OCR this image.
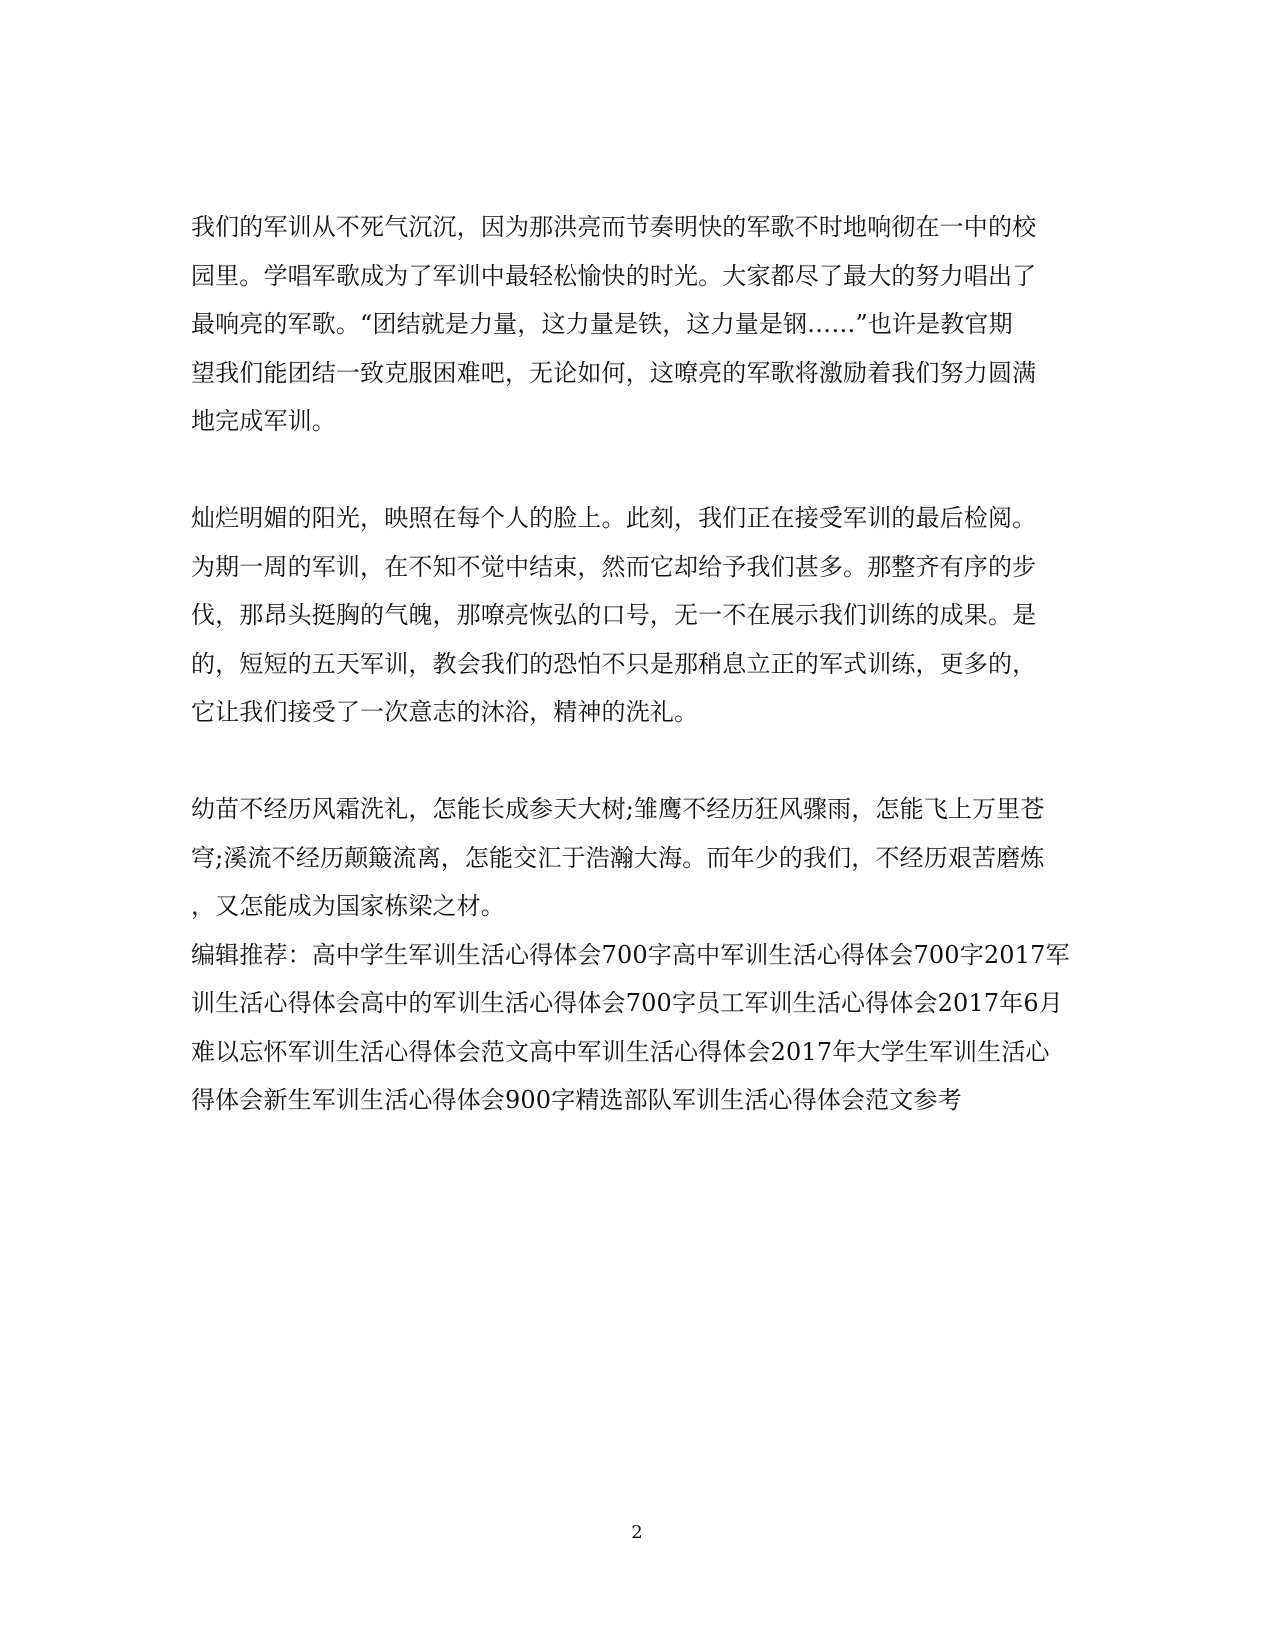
我们的军训从不死气沉沉，因为那洪亮而节奏明快的军歌不时地响彻在一中的校
园里。学唱军歌成为了军训中最轻松愉快的时光。大家都尽了最大的努力唱出了
最响亮的军歌。“团结就是力量，这力量是铁，这力量是钢……”也许是教官期
望我们能团结一致克服困难吧，无论如何，这嘹亮的军歌将激励着我们努力圆满
地完成军训。
灿烂明媚的阳光，映照在每个人的脸上。此刻，我们正在接受军训的最后检阅。
为期一周的军训，在不知不觉中结束，然而它却给予我们甚多。那整齐有序的步
伐，那昂头挺胸的气魄，那嘹亮恢弘的口号，无一不在展示我们训练的成果。是
的，短短的五天军训，教会我们的恐怕不只是那稍息立正的军式训练，更多的，
它让我们接受了一次意志的沐浴，精神的洗礼。
幼苗不经历风霜洗礼，怎能长成参天大树;雏鹰不经历狂风骤雨，怎能飞上万里苍
穹;溪流不经历颠簸流离，怎能交汇于浩瀚大海。而年少的我们，不经历艰苦磨炼
，又怎能成为国家栋梁之材。
编辑推荐：高中学生军训生活心得体会700字高中军训生活心得体会700字2017军
训生活心得体会高中的军训生活心得体会700字员工军训生活心得体会2017年6月
难以忘怀军训生活心得体会范文高中军训生活心得体会2017年大学生军训生活心
得体会新生军训生活心得体会900字精选部队军训生活心得体会范文参考
2
